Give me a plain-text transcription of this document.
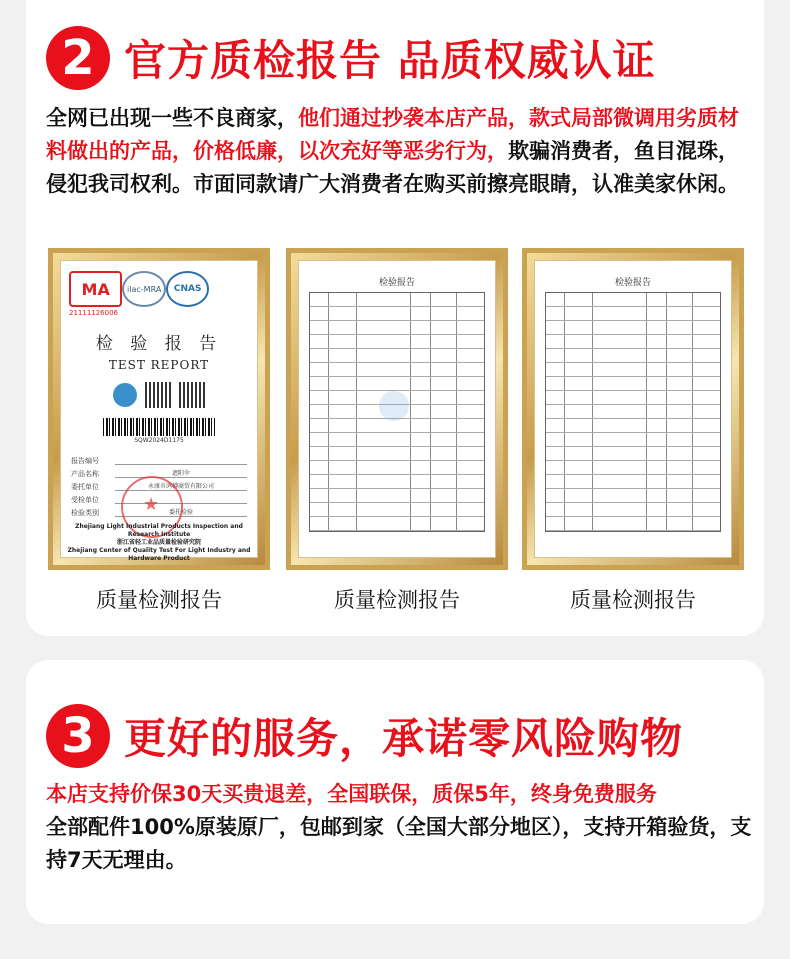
2 官方质检报告 品质权威认证
全网已出现一些不良商家，他们通过抄袭本店产品，款式局部微调用劣质材料做出的产品，价格低廉，以次充好等恶劣行为，欺骗消费者，鱼目混珠，侵犯我司权利。市面同款请广大消费者在购买前擦亮眼睛，认准美家休闲。
MA	ilac-MRA	CNAS
21111126006
检 验 报 告
TEST REPORT
SQW2024D1175
报告编号
产品名称	遮阳伞
委托单位	永康市鸿樽商贸有限公司
受检单位
检验类别	委托检验
★
Zhejiang Light Industrial Products Inspection and Research Institute
浙江省轻工业品质量检验研究院
Zhejiang Center of Quality Test For Light Industry and Hardware Product
质量检测报告
检验报告
质量检测报告
检验报告
质量检测报告
3 更好的服务，承诺零风险购物
本店支持价保30天买贵退差，全国联保，质保5年，终身免费服务
全部配件100%原装原厂，包邮到家（全国大部分地区），支持开箱验货，支持7天无理由。
